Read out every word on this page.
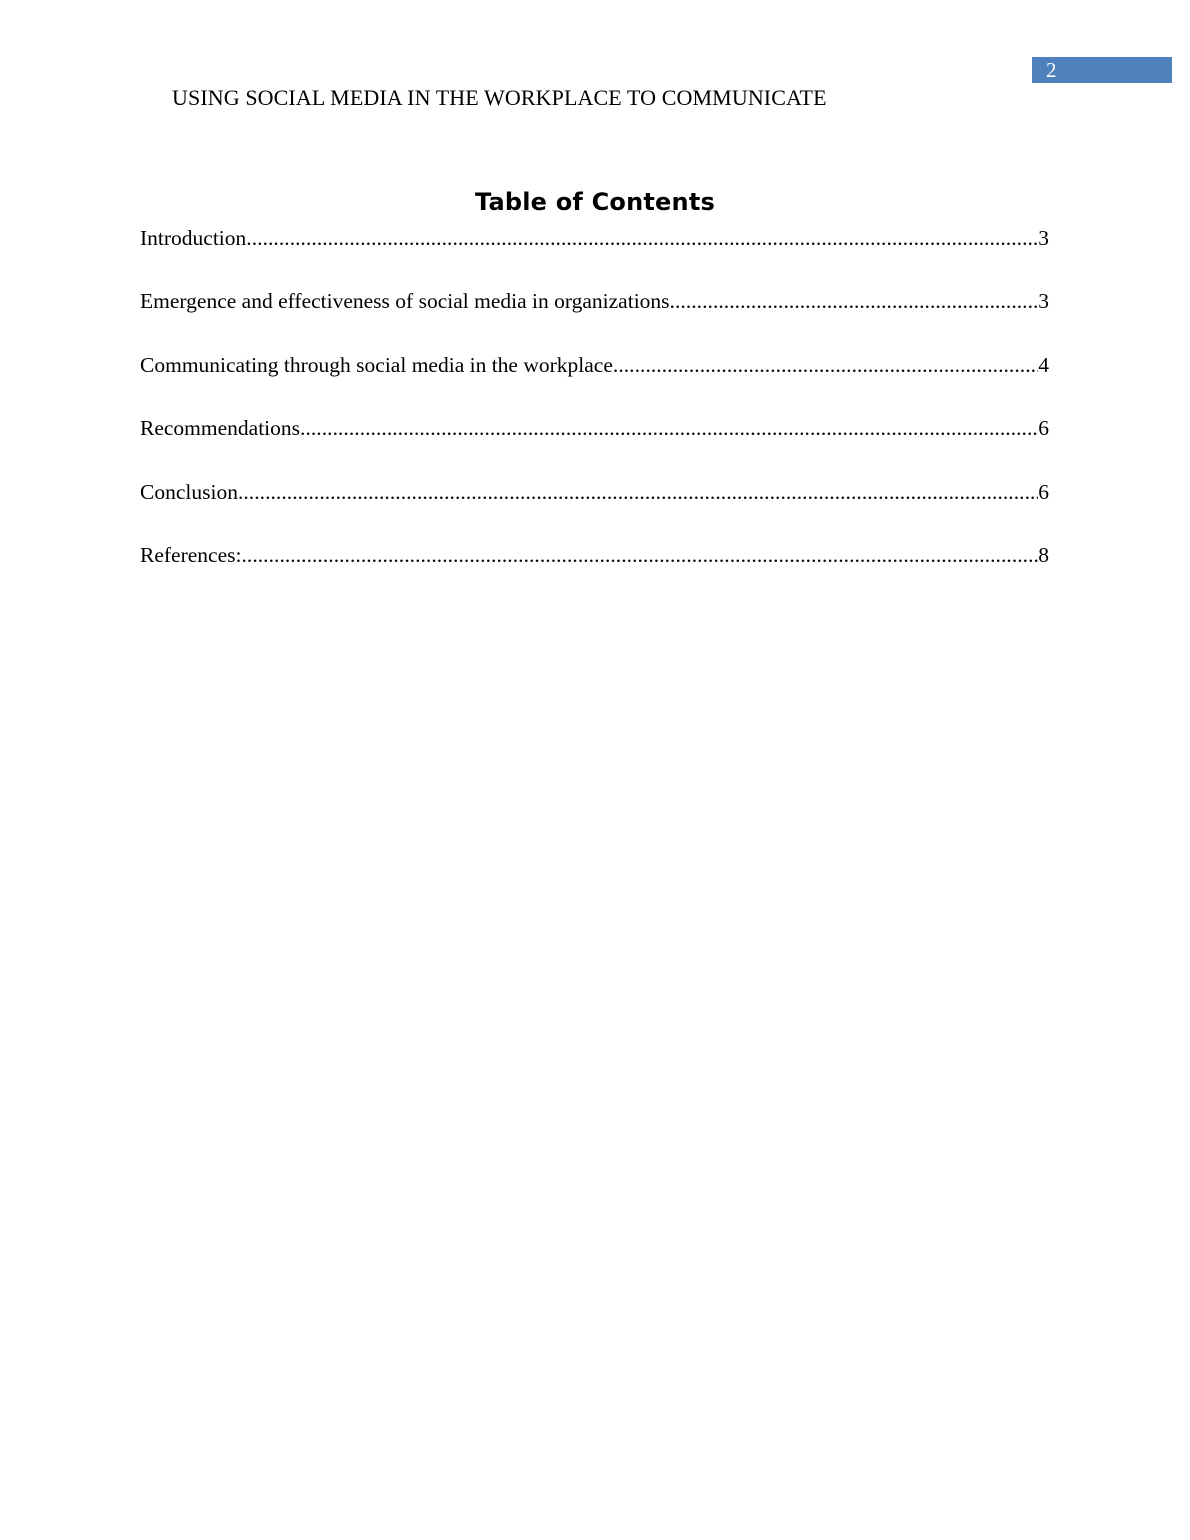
2
USING SOCIAL MEDIA IN THE WORKPLACE TO COMMUNICATE
Table of Contents
Introduction .....	3
Emergence and effectiveness of social media in organizations .....	3
Communicating through social media in the workplace .....	4
Recommendations .....	6
Conclusion .....	6
References: .....	8
